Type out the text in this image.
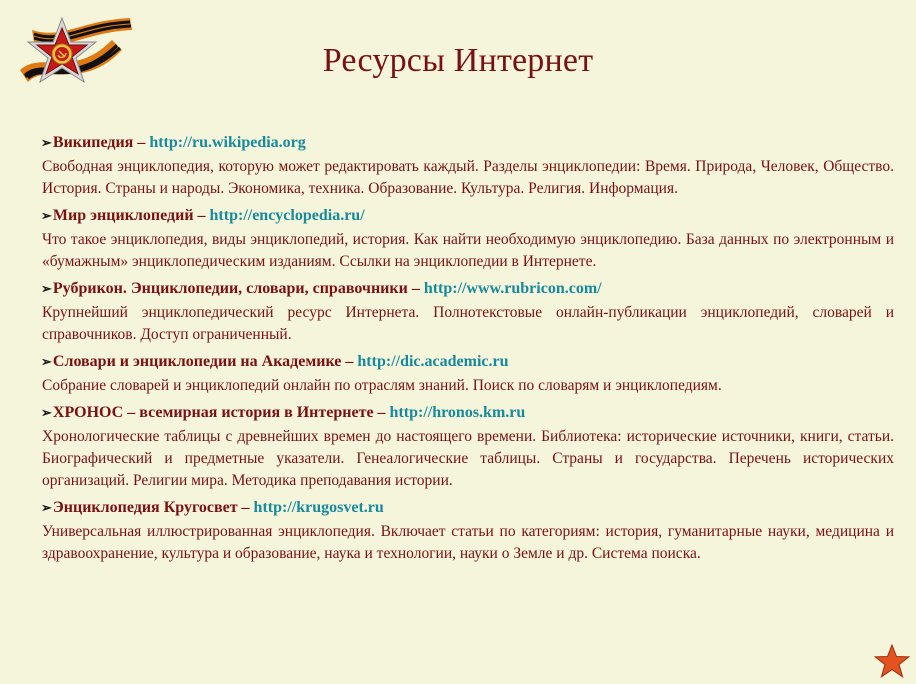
Ресурсы Интернет
➢Википедия – http://ru.wikipedia.org
Свободная энциклопедия, которую может редактировать каждый. Разделы энциклопедии: Время. Природа, Человек, Общество. История. Страны и народы. Экономика, техника. Образование. Культура. Религия. Информация.
➢Мир энциклопедий – http://encyclopedia.ru/
Что такое энциклопедия, виды энциклопедий, история. Как найти необходимую энциклопедию. База данных по электронным и «бумажным» энциклопедическим изданиям. Ссылки на энциклопедии в Интернете.
➢Рубрикон. Энциклопедии, словари, справочники – http://www.rubricon.com/
Крупнейший энциклопедический ресурс Интернета. Полнотекстовые онлайн-публикации энциклопедий, словарей и справочников. Доступ ограниченный.
➢Словари и энциклопедии на Академике – http://dic.academic.ru
Собрание словарей и энциклопедий онлайн по отраслям знаний. Поиск по словарям и энциклопедиям.
➢ХРОНОС – всемирная история в Интернете – http://hronos.km.ru
Хронологические таблицы с древнейших времен до настоящего времени. Библиотека: исторические источники, книги, статьи. Биографический и предметные указатели. Генеалогические таблицы. Страны и государства. Перечень исторических организаций. Религии мира. Методика преподавания истории.
➢Энциклопедия Кругосвет – http://krugosvet.ru
Универсальная иллюстрированная энциклопедия. Включает статьи по категориям: история, гуманитарные науки, медицина и здравоохранение, культура и образование, наука и технологии, науки о Земле и др. Система поиска.
